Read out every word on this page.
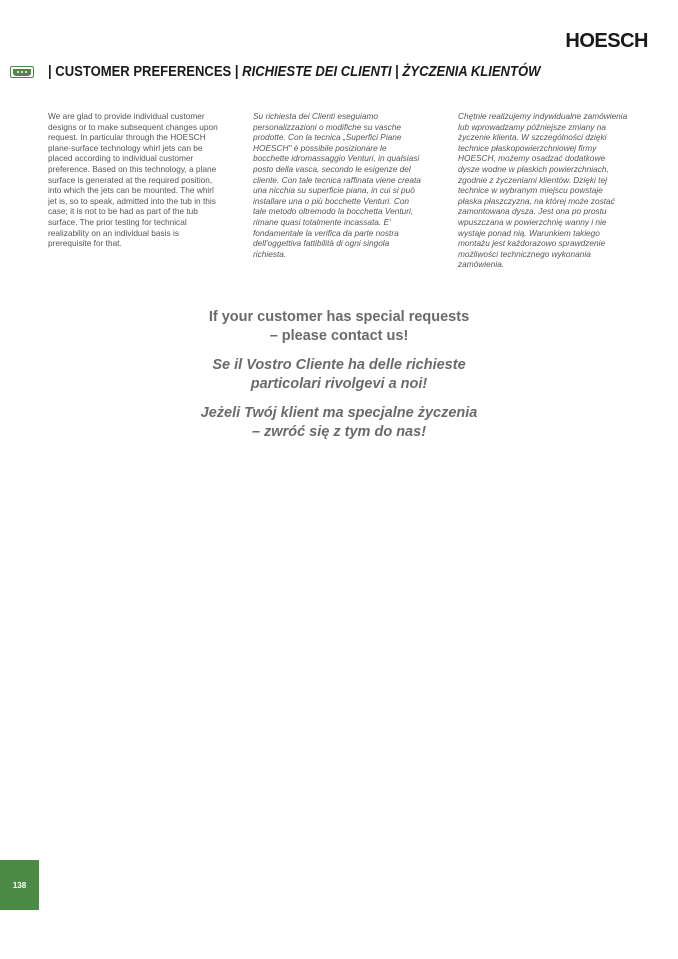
HOESCH
| CUSTOMER PREFERENCES | RICHIESTE DEI CLIENTI | ŻYCZENIA KLIENTÓW
We are glad to provide individual customer designs or to make subsequent changes upon request. In particular through the HOESCH plane-surface technology whirl jets can be placed according to individual customer preference. Based on this technology, a plane surface is generated at the required position, into which the jets can be mounted. The whirl jet is, so to speak, admitted into the tub in this case; it is not to be had as part of the tub surface. The prior testing for technical realizability on an individual basis is prerequisite for that.
Su richiesta dei Clienti eseguiamo personalizzazioni o modifiche su vasche prodotte. Con la tecnica „Superfici Piane HOESCH" è possibile posizionare le bocchette idromassaggio Venturi, in qualsiasi posto della vasca, secondo le esigenze del cliente. Con tale tecnica raffinata viene creata una nicchia su superficie piana, in cui si può installare una o più bocchette Venturi. Con tale metodo oltremodo la bocchetta Venturi, rimane quasi totalmente incassata. E' fondamentale la verifica da parte nostra dell'oggettiva fattibilità di ogni singola richiesta.
Chętnie realizujemy indywidualne zamówienia lub wprowadzamy późniejsze zmiany na życzenie klienta. W szczególności dzięki technice płaskopowierzchniowej firmy HOESCH, możemy osadzać dodatkowe dysze wodne w płaskich powierzchniach, zgodnie z życzeniami klientów. Dzięki tej technice w wybranym miejscu powstaje płaska płaszczyzna, na której może zostać zamontowana dysza. Jest ona po prostu wpuszczana w powierzchnię wanny i nie wystaje ponad nią. Warunkiem takiego montażu jest każdorazowo sprawdzenie możliwości technicznego wykonania zamówienia.
If your customer has special requests
– please contact us!
Se il Vostro Cliente ha delle richieste
particolari rivolgevi a noi!
Jeżeli Twój klient ma specjalne życzenia
– zwróć się z tym do nas!
138
